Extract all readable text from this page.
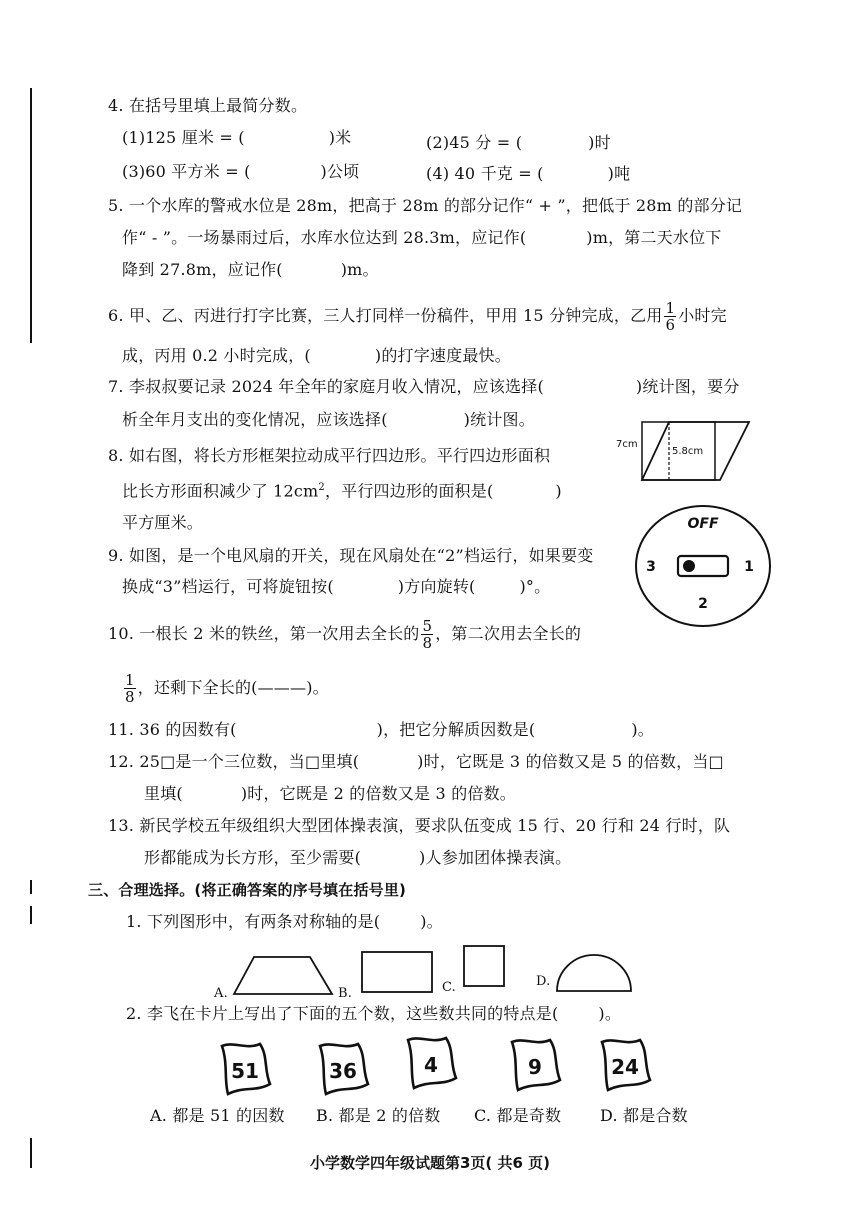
4. 在括号里填上最简分数。
(1)125 厘米 = (	)米	(2)45 分 = (	)时
(3)60 平方米 = (	)公顷	(4) 40 千克 = (	)吨
5. 一个水库的警戒水位是 28m，把高于 28m 的部分记作“ + ”，把低于 28m 的部分记
作“ - ”。一场暴雨过后，水库水位达到 28.3m，应记作(	)m，第二天水位下
降到 27.8m，应记作(	)m。
6. 甲、乙、丙进行打字比赛，三人打同样一份稿件，甲用 15 分钟完成，乙用 $\frac{1}{6}$ 小时完
成，丙用 0.2 小时完成，(	)的打字速度最快。
7. 李叔叔要记录 2024 年全年的家庭月收入情况，应该选择(	)统计图，要分
析全年月支出的变化情况，应该选择(	)统计图。
8. 如右图，将长方形框架拉动成平行四边形。平行四边形面积
比长方形面积减少了 $12cm^2$，平行四边形的面积是(	)
平方厘米。
7cm
5.8cm
9. 如图，是一个电风扇的开关，现在风扇处在“2”档运行，如果要变
换成“3”档运行，可将旋钮按(	)方向旋转(	)°。
OFF
3	1
2
10. 一根长 2 米的铁丝，第一次用去全长的 $\frac{5}{8}$ ，第二次用去全长的
$\frac{1}{8}$ ，还剩下全长的(———)。
11. 36 的因数有(	)，把它分解质因数是(	)。
12. 25□是一个三位数，当□里填(	)时，它既是 3 的倍数又是 5 的倍数，当□
里填(	)时，它既是 2 的倍数又是 3 的倍数。
13. 新民学校五年级组织大型团体操表演，要求队伍变成 15 行、20 行和 24 行时，队
形都能成为长方形，至少需要(	)人参加团体操表演。
三、合理选择。(将正确答案的序号填在括号里)
1. 下列图形中，有两条对称轴的是(	)。
A.	B.	C.	D.
2. 李飞在卡片上写出了下面的五个数，这些数共同的特点是(	)。
51	36	4	9	24
A. 都是 51 的因数 B. 都是 2 的倍数 C. 都是奇数 D. 都是合数
小学数学四年级试题第3页( 共6 页)
